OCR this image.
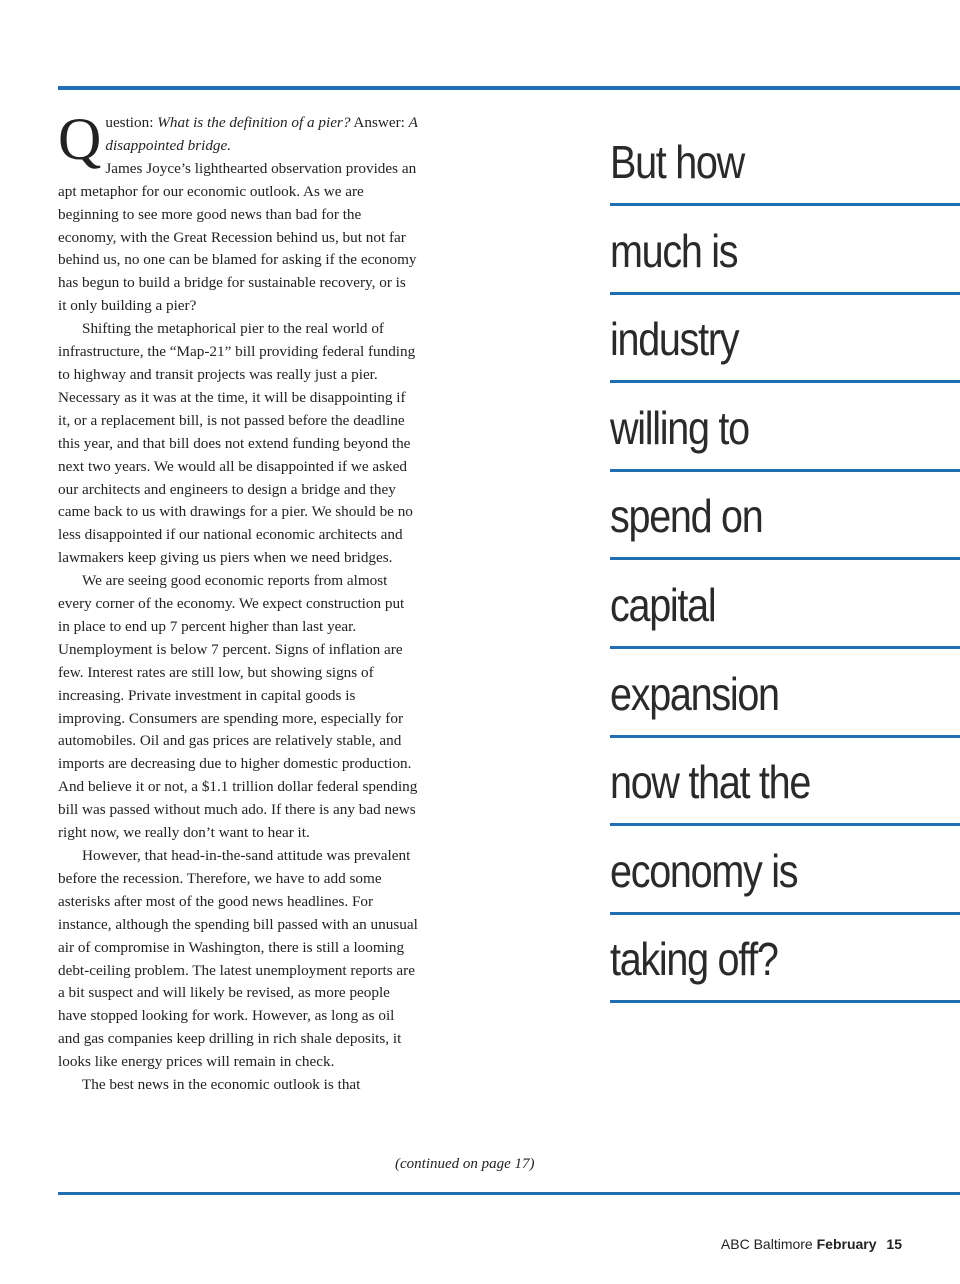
Question: What is the definition of a pier? Answer: A disappointed bridge.

James Joyce’s lighthearted observation provides an apt metaphor for our economic outlook. As we are beginning to see more good news than bad for the economy, with the Great Recession behind us, but not far behind us, no one can be blamed for asking if the economy has begun to build a bridge for sustainable recovery, or is it only building a pier?

Shifting the metaphorical pier to the real world of infrastructure, the “Map-21” bill providing federal funding to highway and transit projects was really just a pier. Necessary as it was at the time, it will be disappointing if it, or a replacement bill, is not passed before the deadline this year, and that bill does not extend funding beyond the next two years. We would all be disappointed if we asked our architects and engineers to design a bridge and they came back to us with drawings for a pier. We should be no less disappointed if our national economic architects and lawmakers keep giving us piers when we need bridges.

We are seeing good economic reports from almost every corner of the economy. We expect construction put in place to end up 7 percent higher than last year. Unemployment is below 7 percent. Signs of inflation are few. Interest rates are still low, but showing signs of increasing. Private investment in capital goods is improving. Consumers are spending more, especially for automobiles. Oil and gas prices are relatively stable, and imports are decreasing due to higher domestic production. And believe it or not, a $1.1 trillion dollar federal spending bill was passed without much ado. If there is any bad news right now, we really don’t want to hear it.

However, that head-in-the-sand attitude was prevalent before the recession. Therefore, we have to add some asterisks after most of the good news headlines. For instance, although the spending bill passed with an unusual air of compromise in Washington, there is still a looming debt-ceiling problem. The latest unemployment reports are a bit suspect and will likely be revised, as more people have stopped looking for work. However, as long as oil and gas companies keep drilling in rich shale deposits, it looks like energy prices will remain in check.

The best news in the economic outlook is that

(continued on page 17)
But how
much is
industry
willing to
spend on
capital
expansion
now that the
economy is
taking off?
ABC Baltimore February 15
